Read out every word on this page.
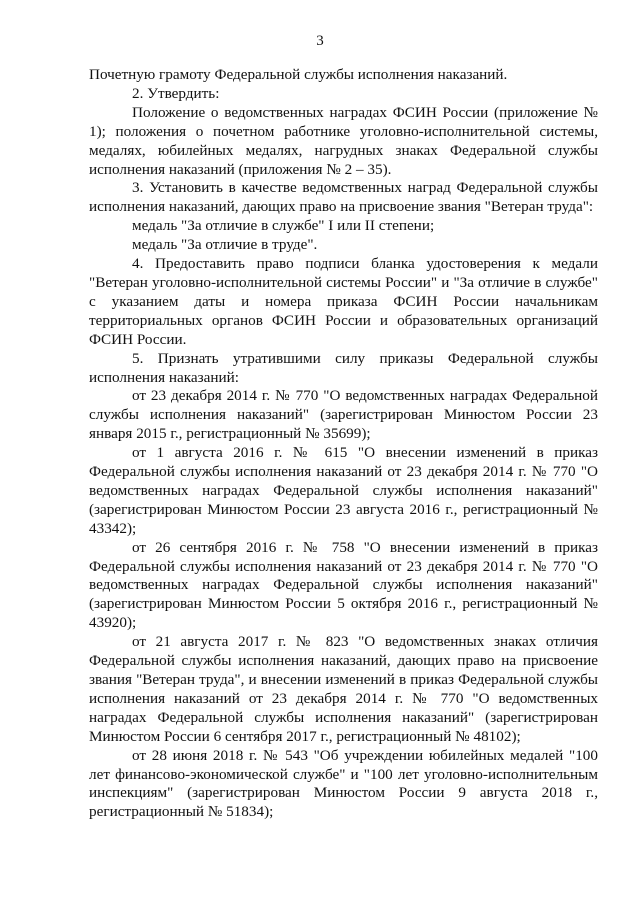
3

Почетную грамоту Федеральной службы исполнения наказаний.

2. Утвердить:

Положение о ведомственных наградах ФСИН России (приложение № 1); положения о почетном работнике уголовно-исполнительной системы, медалях, юбилейных медалях, нагрудных знаках Федеральной службы исполнения наказаний (приложения № 2 – 35).

3. Установить в качестве ведомственных наград Федеральной службы исполнения наказаний, дающих право на присвоение звания "Ветеран труда":

медаль "За отличие в службе" I или II степени;

медаль "За отличие в труде".

4. Предоставить право подписи бланка удостоверения к медали "Ветеран уголовно-исполнительной системы России" и "За отличие в службе" с указанием даты и номера приказа ФСИН России начальникам территориальных органов ФСИН России и образовательных организаций ФСИН России.

5. Признать утратившими силу приказы Федеральной службы исполнения наказаний:

от 23 декабря 2014 г. № 770 "О ведомственных наградах Федеральной службы исполнения наказаний" (зарегистрирован Минюстом России 23 января 2015 г., регистрационный № 35699);

от 1 августа 2016 г. № 615 "О внесении изменений в приказ Федеральной службы исполнения наказаний от 23 декабря 2014 г. № 770 "О ведомственных наградах Федеральной службы исполнения наказаний" (зарегистрирован Минюстом России 23 августа 2016 г., регистрационный № 43342);

от 26 сентября 2016 г. № 758 "О внесении изменений в приказ Федеральной службы исполнения наказаний от 23 декабря 2014 г. № 770 "О ведомственных наградах Федеральной службы исполнения наказаний" (зарегистрирован Минюстом России 5 октября 2016 г., регистрационный № 43920);

от 21 августа 2017 г. № 823 "О ведомственных знаках отличия Федеральной службы исполнения наказаний, дающих право на присвоение звания "Ветеран труда", и внесении изменений в приказ Федеральной службы исполнения наказаний от 23 декабря 2014 г. № 770 "О ведомственных наградах Федеральной службы исполнения наказаний" (зарегистрирован Минюстом России 6 сентября 2017 г., регистрационный № 48102);

от 28 июня 2018 г. № 543 "Об учреждении юбилейных медалей "100 лет финансово-экономической службе" и "100 лет уголовно-исполнительным инспекциям" (зарегистрирован Минюстом России 9 августа 2018 г., регистрационный № 51834);
